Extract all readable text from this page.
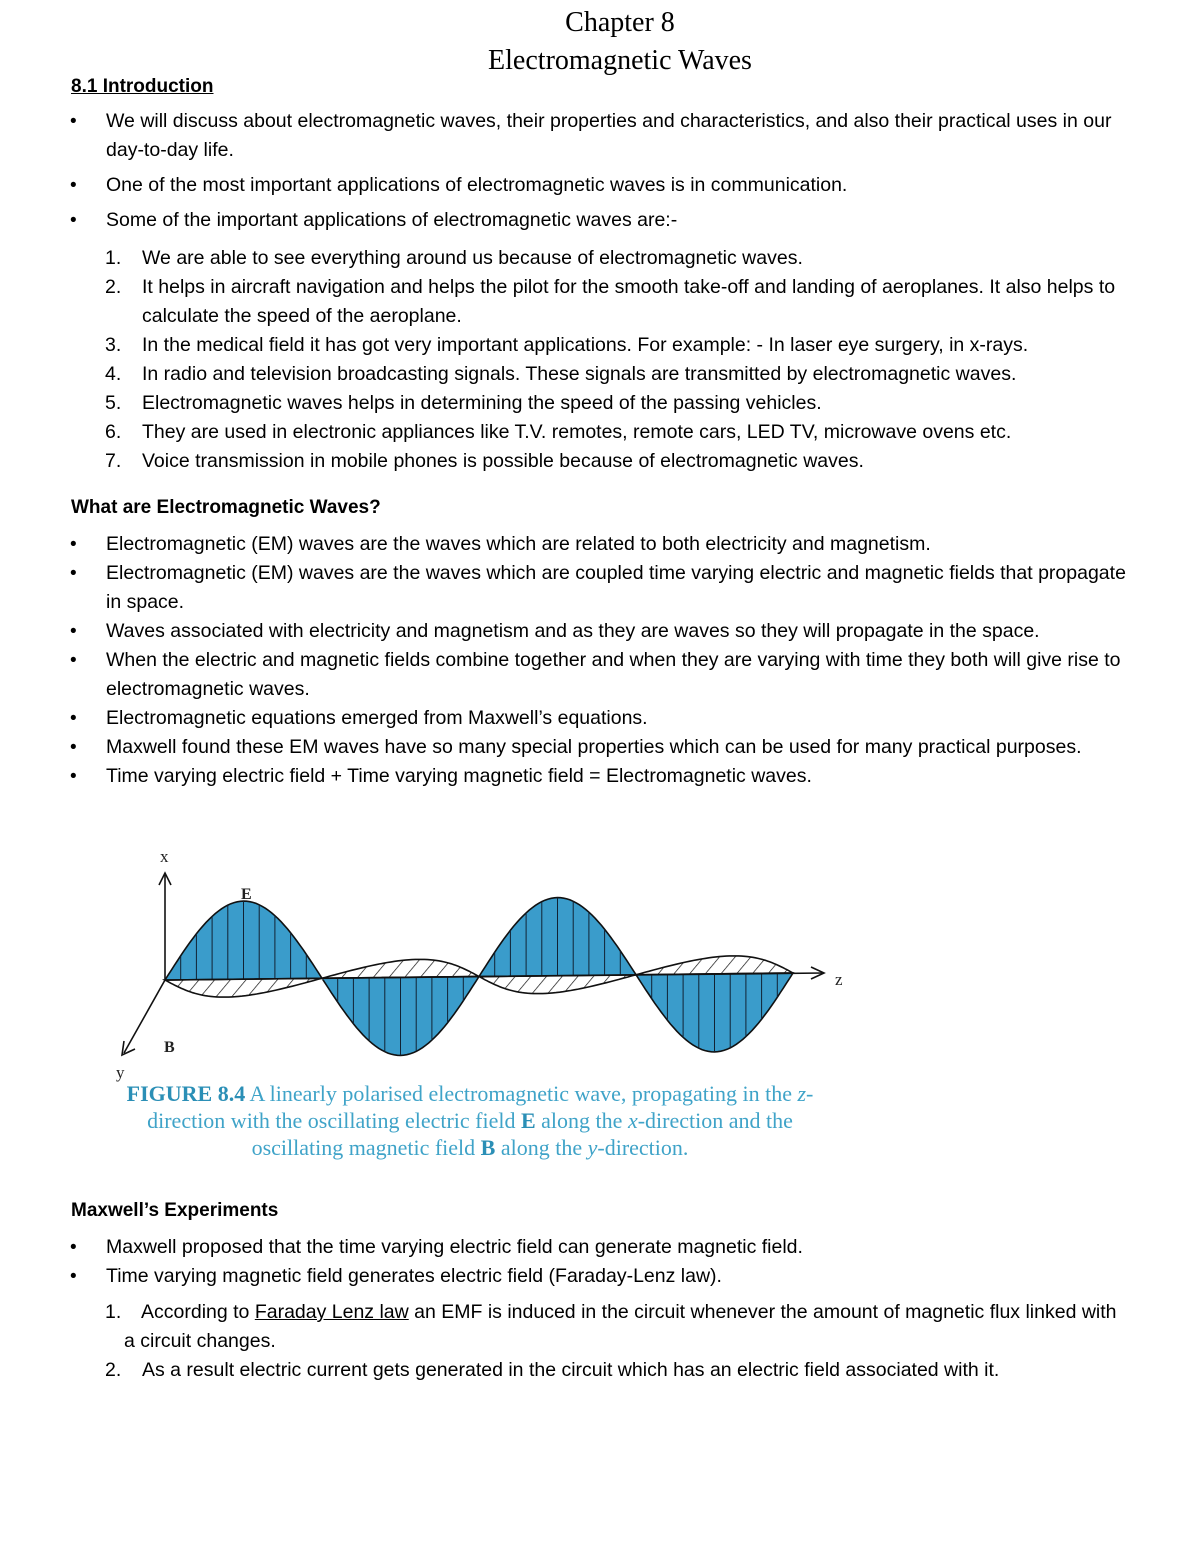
Chapter 8
Electromagnetic Waves
8.1 Introduction
• We will discuss about electromagnetic waves, their properties and characteristics, and also their practical uses in our day-to-day life.
• One of the most important applications of electromagnetic waves is in communication.
• Some of the important applications of electromagnetic waves are:-
1. We are able to see everything around us because of electromagnetic waves.
2. It helps in aircraft navigation and helps the pilot for the smooth take-off and landing of aeroplanes. It also helps to calculate the speed of the aeroplane.
3. In the medical field it has got very important applications. For example: - In laser eye surgery, in x-rays.
4. In radio and television broadcasting signals. These signals are transmitted by electromagnetic waves.
5. Electromagnetic waves helps in determining the speed of the passing vehicles.
6. They are used in electronic appliances like T.V. remotes, remote cars, LED TV, microwave ovens etc.
7. Voice transmission in mobile phones is possible because of electromagnetic waves.
What are Electromagnetic Waves?
• Electromagnetic (EM) waves are the waves which are related to both electricity and magnetism.
• Electromagnetic (EM) waves are the waves which are coupled time varying electric and magnetic fields that propagate in space.
• Waves associated with electricity and magnetism and as they are waves so they will propagate in the space.
• When the electric and magnetic fields combine together and when they are varying with time they both will give rise to electromagnetic waves.
• Electromagnetic equations emerged from Maxwell’s equations.
• Maxwell found these EM waves have so many special properties which can be used for many practical purposes.
• Time varying electric field + Time varying magnetic field = Electromagnetic waves.
x
z
y
E
B
FIGURE 8.4 A linearly polarised electromagnetic wave, propagating in the z-direction with the oscillating electric field E along the x-direction and the oscillating magnetic field B along the y-direction.
Maxwell’s Experiments
• Maxwell proposed that the time varying electric field can generate magnetic field.
• Time varying magnetic field generates electric field (Faraday-Lenz law).
1. According to Faraday Lenz law an EMF is induced in the circuit whenever the amount of magnetic flux linked with a circuit changes.
2. As a result electric current gets generated in the circuit which has an electric field associated with it.
